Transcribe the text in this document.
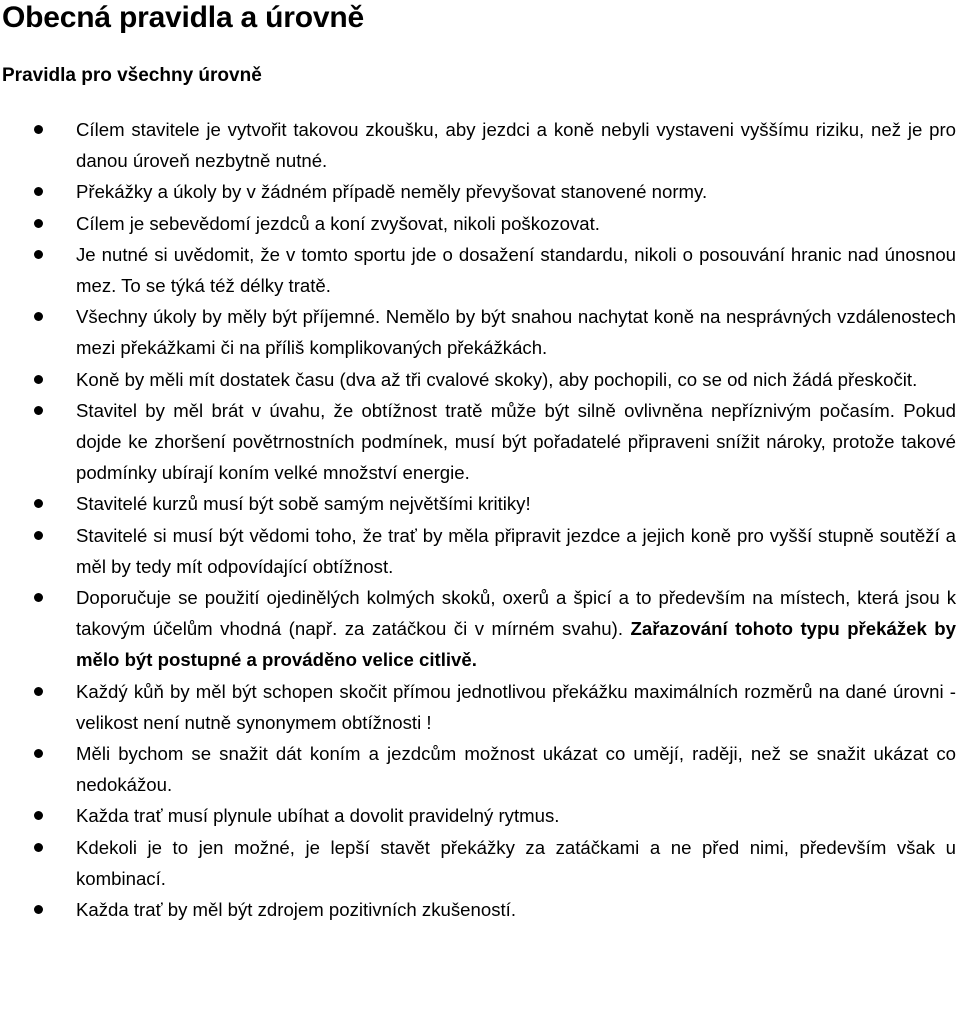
Obecná pravidla a úrovně
Pravidla pro všechny úrovně
Cílem stavitele je vytvořit takovou zkoušku, aby jezdci a koně nebyli vystaveni vyššímu riziku, než je pro danou úroveň nezbytně nutné.
Překážky a úkoly by v žádném případě neměly převyšovat stanovené normy.
Cílem je sebevědomí jezdců a koní zvyšovat, nikoli poškozovat.
Je nutné si uvědomit, že v tomto sportu jde o dosažení standardu, nikoli o posouvání hranic nad únosnou mez. To se týká též délky tratě.
Všechny úkoly by měly být příjemné. Nemělo by být snahou nachytat koně na nesprávných vzdálenostech mezi překážkami či na příliš komplikovaných překážkách.
Koně by měli mít dostatek času (dva až tři cvalové skoky), aby pochopili, co se od nich žádá přeskočit.
Stavitel by měl brát v úvahu, že obtížnost tratě může být silně ovlivněna nepříznivým počasím. Pokud dojde ke zhoršení povětrnostních podmínek, musí být pořadatelé připraveni snížit nároky, protože takové podmínky ubírají koním velké množství energie.
Stavitelé kurzů musí být sobě samým největšími kritiky!
Stavitelé si musí být vědomi toho, že trať by měla připravit jezdce a jejich koně pro vyšší stupně soutěží a měl by tedy mít odpovídající obtížnost.
Doporučuje se použití ojedinělých kolmých skoků, oxerů a špicí a to především na místech, která jsou k takovým účelům vhodná (např. za zatáčkou či v mírném svahu). Zařazování tohoto typu překážek by mělo být postupné a prováděno velice citlivě.
Každý kůň by měl být schopen skočit přímou jednotlivou překážku maximálních rozměrů na dané úrovni - velikost není nutně synonymem obtížnosti !
Měli bychom se snažit dát koním a jezdcům možnost ukázat co umějí, raději, než se snažit ukázat co nedokážou.
Každa trať musí plynule ubíhat a dovolit pravidelný rytmus.
Kdekoli je to jen možné, je lepší stavět překážky za zatáčkami a ne před nimi, především však u kombinací.
Každa trať by měl být zdrojem pozitivních zkušeností.
